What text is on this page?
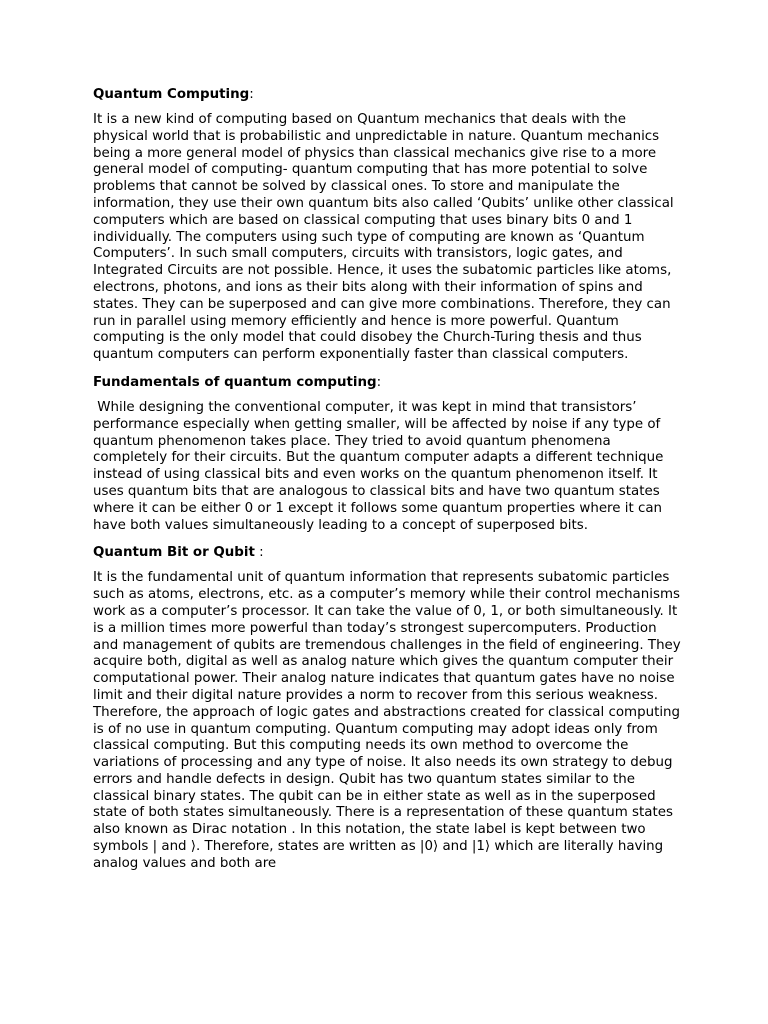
Quantum Computing:

It is a new kind of computing based on Quantum mechanics that deals with the physical world that is probabilistic and unpredictable in nature. Quantum mechanics being a more general model of physics than classical mechanics give rise to a more general model of computing- quantum computing that has more potential to solve problems that cannot be solved by classical ones. To store and manipulate the information, they use their own quantum bits also called ‘Qubits’ unlike other classical computers which are based on classical computing that uses binary bits 0 and 1 individually. The computers using such type of computing are known as ‘Quantum Computers’. In such small computers, circuits with transistors, logic gates, and Integrated Circuits are not possible. Hence, it uses the subatomic particles like atoms, electrons, photons, and ions as their bits along with their information of spins and states. They can be superposed and can give more combinations. Therefore, they can run in parallel using memory efficiently and hence is more powerful. Quantum computing is the only model that could disobey the Church-Turing thesis and thus quantum computers can perform exponentially faster than classical computers.

Fundamentals of quantum computing:

While designing the conventional computer, it was kept in mind that transistors’ performance especially when getting smaller, will be affected by noise if any type of quantum phenomenon takes place. They tried to avoid quantum phenomena completely for their circuits. But the quantum computer adapts a different technique instead of using classical bits and even works on the quantum phenomenon itself. It uses quantum bits that are analogous to classical bits and have two quantum states where it can be either 0 or 1 except it follows some quantum properties where it can have both values simultaneously leading to a concept of superposed bits.

Quantum Bit or Qubit :

It is the fundamental unit of quantum information that represents subatomic particles such as atoms, electrons, etc. as a computer’s memory while their control mechanisms work as a computer’s processor. It can take the value of 0, 1, or both simultaneously. It is a million times more powerful than today’s strongest supercomputers. Production and management of qubits are tremendous challenges in the field of engineering. They acquire both, digital as well as analog nature which gives the quantum computer their computational power. Their analog nature indicates that quantum gates have no noise limit and their digital nature provides a norm to recover from this serious weakness. Therefore, the approach of logic gates and abstractions created for classical computing is of no use in quantum computing. Quantum computing may adopt ideas only from classical computing. But this computing needs its own method to overcome the variations of processing and any type of noise. It also needs its own strategy to debug errors and handle defects in design. Qubit has two quantum states similar to the classical binary states. The qubit can be in either state as well as in the superposed state of both states simultaneously. There is a representation of these quantum states also known as Dirac notation . In this notation, the state label is kept between two symbols | and ⟩. Therefore, states are written as |0⟩ and |1⟩ which are literally having analog values and both are
